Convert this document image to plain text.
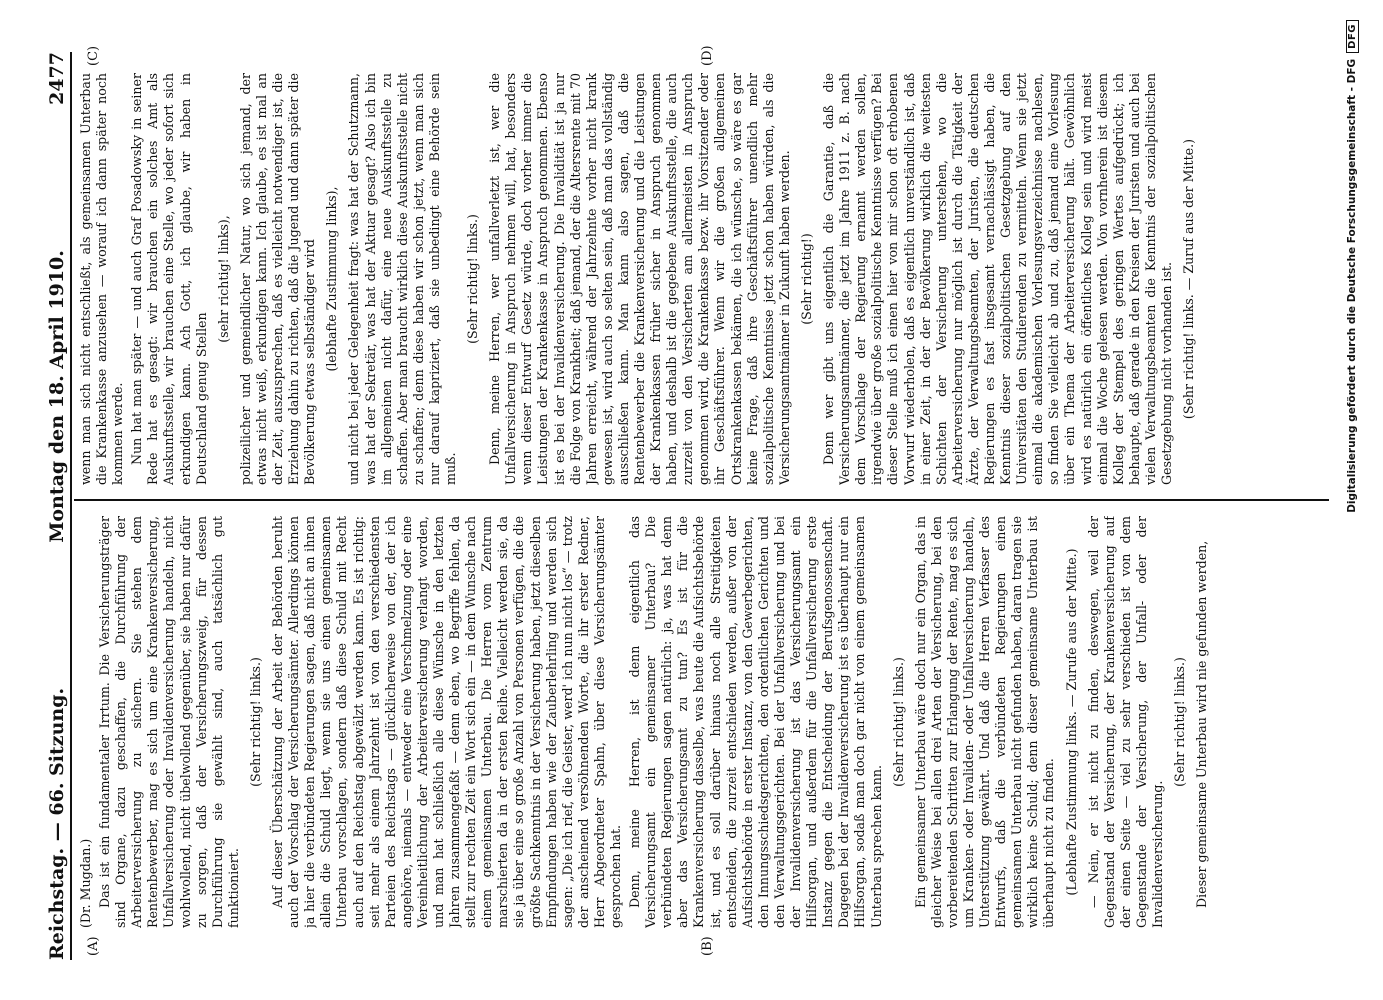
Reichstag. — 66. Sitzung.
Montag den 18. April 1910.
2477
(A)	(B)
(C)	(D)

(Dr. Mugdan.) Das ist ein fundamentaler Irrtum. Die Versicherungsträger sind Organe, dazu geschaffen, die Durchführung der Arbeiterversicherung zu sichern. Sie stehen dem Rentenbewerber, mag es sich um eine Krankenversicherung, Unfallversicherung oder Invalidenversicherung handeln, nicht wohlwollend, nicht übelwollend gegenüber, sie haben nur dafür zu sorgen, daß der Versicherungszweig, für dessen Durchführung sie gewählt sind, auch tatsächlich gut funktioniert.

(Sehr richtig! links.) Auf dieser Überschätzung der Arbeit der Behörden beruht auch der Vorschlag der Versicherungsämter. Allerdings können ja hier die verbündeten Regierungen sagen, daß nicht an ihnen allein die Schuld liegt, wenn sie uns einen gemeinsamen Unterbau vorschlagen, sondern daß diese Schuld mit Recht auch auf den Reichstag abgewälzt werden kann. Es ist richtig: seit mehr als einem Jahrzehnt ist von den verschiedensten Parteien des Reichstags — glücklicherweise von der, der ich angehöre, niemals — entweder eine Verschmelzung oder eine Vereinheitlichung der Arbeiterversicherung verlangt worden, und man hat schließlich alle diese Wünsche in den letzten Jahren zusammengefaßt — denn eben, wo Begriffe fehlen, da stellt zur rechten Zeit ein Wort sich ein — in dem Wunsche nach einem gemeinsamen Unterbau. Die Herren vom Zentrum marschierten da in der ersten Reihe. Vielleicht werden sie, da sie ja über eine so große Anzahl von Personen verfügen, die die größte Sachkenntnis in der Versicherung haben, jetzt dieselben Empfindungen haben wie der Zauberlehrling und werden sich sagen: „Die ich rief, die Geister, werd' ich nun nicht los“ — trotz der anscheinend versöhnenden Worte, die ihr erster Redner, Herr Abgeordneter Spahn, über diese Versicherungsämter gesprochen hat. Denn, meine Herren, ist denn eigentlich das Versicherungsamt ein gemeinsamer Unterbau? Die verbündeten Regierungen sagen natürlich: ja, was hat denn aber das Versicherungsamt zu tun? Es ist für die Krankenversicherung dasselbe, was heute die Aufsichtsbehörde ist, und es soll darüber hinaus noch alle Streitigkeiten entscheiden, die zurzeit entschieden werden, außer von der Aufsichtsbehörde in erster Instanz, von den Gewerbegerichten, den Innungsschiedsgerichten, den ordentlichen Gerichten und den Verwaltungsgerichten. Bei der Unfallversicherung und bei der Invalidenversicherung ist das Versicherungsamt ein Hilfsorgan, und außerdem für die Unfallversicherung erste Instanz gegen die Entscheidung der Berufsgenossenschaft. Dagegen bei der Invalidenversicherung ist es überhaupt nur ein Hilfsorgan, sodaß man doch gar nicht von einem gemeinsamen Unterbau sprechen kann.

(Sehr richtig! links.) Ein gemeinsamer Unterbau wäre doch nur ein Organ, das in gleicher Weise bei allen drei Arten der Versicherung, bei den vorbereitenden Schritten zur Erlangung der Rente, mag es sich um Kranken- oder Invaliden- oder Unfallversicherung handeln, Unterstützung gewährt. Und daß die Herren Verfasser des Entwurfs, daß die verbündeten Regierungen einen gemeinsamen Unterbau nicht gefunden haben, daran tragen sie wirklich keine Schuld; denn dieser gemeinsame Unterbau ist überhaupt nicht zu finden. (Lebhafte Zustimmung links. — Zurufe aus der Mitte.) — Nein, er ist nicht zu finden, deswegen, weil der Gegenstand der Versicherung, der Krankenversicherung auf der einen Seite — viel zu sehr verschieden ist von dem Gegenstande der Versicherung, der Unfall- oder der Invalidenversicherung.

(Sehr richtig! links.) Dieser gemeinsame Unterbau wird nie gefunden werden,

wenn man sich nicht entschließt, als gemeinsamen Unterbau die Krankenkasse anzusehen — worauf ich dann später noch kommen werde. Nun hat man später — und auch Graf Posadowsky in seiner Rede hat es gesagt: wir brauchen ein solches Amt als Auskunftsstelle, wir brauchen eine Stelle, wo jeder sofort sich erkundigen kann. Ach Gott, ich glaube, wir haben in Deutschland genug Stellen

(sehr richtig! links), polizeilicher und gemeindlicher Natur, wo sich jemand, der etwas nicht weiß, erkundigen kann. Ich glaube, es ist mal an der Zeit, auszusprechen, daß es vielleicht notwendiger ist, die Erziehung dahin zu richten, daß die Jugend und dann später die Bevölkerung etwas selbständiger wird (lebhafte Zustimmung links), und nicht bei jeder Gelegenheit fragt: was hat der Schutzmann, was hat der Sekretär, was hat der Aktuar gesagt? Also ich bin im allgemeinen nicht dafür, eine neue Auskunftsstelle zu schaffen. Aber man braucht wirklich diese Auskunftsstelle nicht zu schaffen; denn diese haben wir schon jetzt, wenn man sich nur darauf kapriziert, daß sie unbedingt eine Behörde sein muß.

(Sehr richtig! links.) Denn, meine Herren, wer unfallverletzt ist, wer die Unfallversicherung in Anspruch nehmen will, hat, besonders wenn dieser Entwurf Gesetz würde, doch vorher immer die Leistungen der Krankenkasse in Anspruch genommen. Ebenso ist es bei der Invalidenversicherung. Die Invalidität ist ja nur die Folge von Krankheit; daß jemand, der die Altersrente mit 70 Jahren erreicht, während der Jahrzehnte vorher nicht krank gewesen ist, wird auch so selten sein, daß man das vollständig ausschließen kann. Man kann also sagen, daß die Rentenbewerber die Krankenversicherung und die Leistungen der Krankenkassen früher sicher in Anspruch genommen haben, und deshalb ist die gegebene Auskunftsstelle, die auch zurzeit von den Versicherten am allermeisten in Anspruch genommen wird, die Krankenkasse bezw. ihr Vorsitzender oder ihr Geschäftsführer. Wenn wir die großen allgemeinen Ortskrankenkassen bekämen, die ich wünsche, so wäre es gar keine Frage, daß ihre Geschäftsführer unendlich mehr sozialpolitische Kenntnisse jetzt schon haben würden, als die Versicherungsamtmänner in Zukunft haben werden. (Sehr richtig!) Denn wer gibt uns eigentlich die Garantie, daß die Versicherungsamtmänner, die jetzt im Jahre 1911 z. B. nach dem Vorschlage der Regierung ernannt werden sollen, irgendwie über große sozialpolitische Kenntnisse verfügen? Bei dieser Stelle muß ich einen hier von mir schon oft erhobenen Vorwurf wiederholen, daß es eigentlich unverständlich ist, daß in einer Zeit, in der der Bevölkerung wirklich die weitesten Schichten der Versicherung unterstehen, wo die Arbeiterversicherung nur möglich ist durch die Tätigkeit der Ärzte, der Verwaltungsbeamten, der Juristen, die deutschen Regierungen es fast insgesamt vernachlässigt haben, die Kenntnis dieser sozialpolitischen Gesetzgebung auf den Universitäten den Studierenden zu vermitteln. Wenn sie jetzt einmal die akademischen Vorlesungsverzeichnisse nachlesen, so finden Sie vielleicht ab und zu, daß jemand eine Vorlesung über ein Thema der Arbeiterversicherung hält. Gewöhnlich wird es natürlich ein öffentliches Kolleg sein und wird meist einmal die Woche gelesen werden. Von vornherein ist diesem Kolleg der Stempel des geringen Wertes aufgedrückt; ich behaupte, daß gerade in den Kreisen der Juristen und auch bei vielen Verwaltungsbeamten die Kenntnis der sozialpolitischen Gesetzgebung nicht vorhanden ist. (Sehr richtig! links. — Zuruf aus der Mitte.)	Digitalisierung gefördert durch die Deutsche Forschungsgemeinschaft - DFG
DFG
